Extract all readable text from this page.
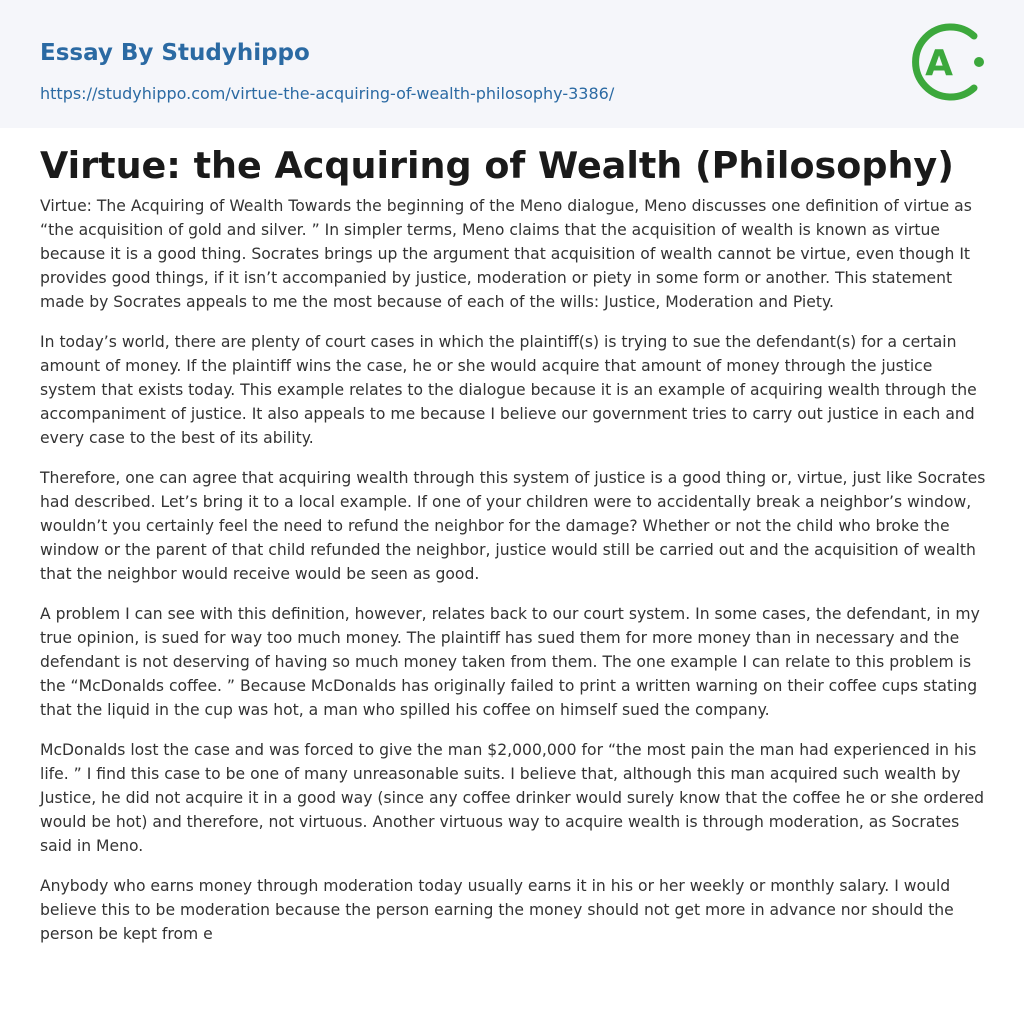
Essay By Studyhippo
https://studyhippo.com/virtue-the-acquiring-of-wealth-philosophy-3386/
A
Virtue: the Acquiring of Wealth (Philosophy)

Virtue: The Acquiring of Wealth Towards the beginning of the Meno dialogue, Meno discusses one definition of virtue as “the acquisition of gold and silver. ” In simpler terms, Meno claims that the acquisition of wealth is known as virtue because it is a good thing. Socrates brings up the argument that acquisition of wealth cannot be virtue, even though It provides good things, if it isn’t accompanied by justice, moderation or piety in some form or another. This statement made by Socrates appeals to me the most because of each of the wills: Justice, Moderation and Piety.

In today’s world, there are plenty of court cases in which the plaintiff(s) is trying to sue the defendant(s) for a certain amount of money. If the plaintiff wins the case, he or she would acquire that amount of money through the justice system that exists today. This example relates to the dialogue because it is an example of acquiring wealth through the accompaniment of justice. It also appeals to me because I believe our government tries to carry out justice in each and every case to the best of its ability.

Therefore, one can agree that acquiring wealth through this system of justice is a good thing or, virtue, just like Socrates had described. Let’s bring it to a local example. If one of your children were to accidentally break a neighbor’s window, wouldn’t you certainly feel the need to refund the neighbor for the damage? Whether or not the child who broke the window or the parent of that child refunded the neighbor, justice would still be carried out and the acquisition of wealth that the neighbor would receive would be seen as good.

A problem I can see with this definition, however, relates back to our court system. In some cases, the defendant, in my true opinion, is sued for way too much money. The plaintiff has sued them for more money than in necessary and the defendant is not deserving of having so much money taken from them. The one example I can relate to this problem is the “McDonalds coffee. ” Because McDonalds has originally failed to print a written warning on their coffee cups stating that the liquid in the cup was hot, a man who spilled his coffee on himself sued the company.

McDonalds lost the case and was forced to give the man $2,000,000 for “the most pain the man had experienced in his life. ” I find this case to be one of many unreasonable suits. I believe that, although this man acquired such wealth by Justice, he did not acquire it in a good way (since any coffee drinker would surely know that the coffee he or she ordered would be hot) and therefore, not virtuous. Another virtuous way to acquire wealth is through moderation, as Socrates said in Meno.

Anybody who earns money through moderation today usually earns it in his or her weekly or monthly salary. I would believe this to be moderation because the person earning the money should not get more in advance nor should the person be kept from e
